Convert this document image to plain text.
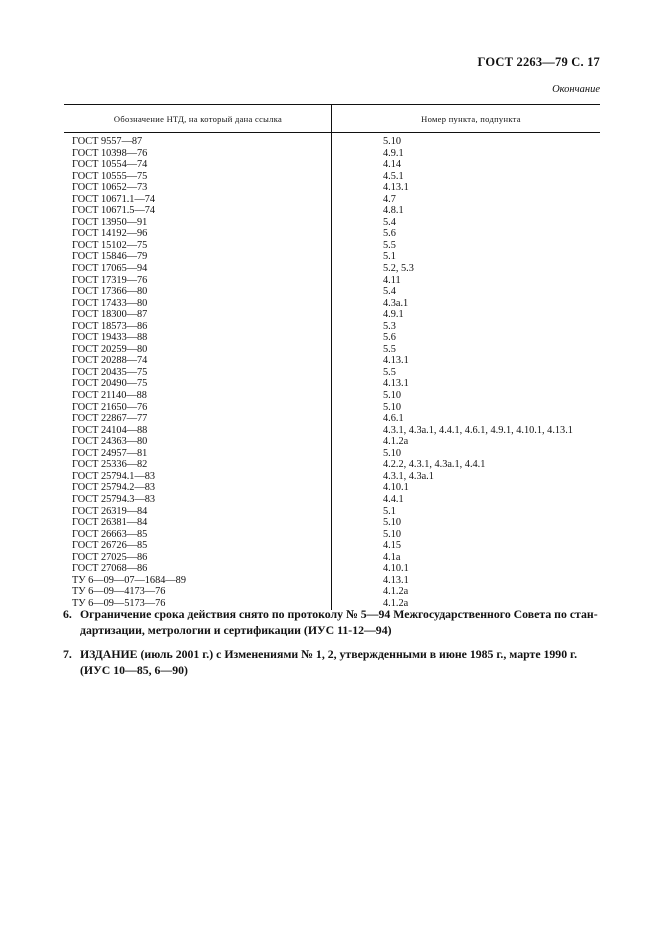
ГОСТ 2263—79 С. 17
Окончание
Обозначение НТД, на который дана ссылка	Номер пункта, подпункта
ГОСТ 9557—87	5.10
ГОСТ 10398—76	4.9.1
ГОСТ 10554—74	4.14
ГОСТ 10555—75	4.5.1
ГОСТ 10652—73	4.13.1
ГОСТ 10671.1—74	4.7
ГОСТ 10671.5—74	4.8.1
ГОСТ 13950—91	5.4
ГОСТ 14192—96	5.6
ГОСТ 15102—75	5.5
ГОСТ 15846—79	5.1
ГОСТ 17065—94	5.2, 5.3
ГОСТ 17319—76	4.11
ГОСТ 17366—80	5.4
ГОСТ 17433—80	4.3а.1
ГОСТ 18300—87	4.9.1
ГОСТ 18573—86	5.3
ГОСТ 19433—88	5.6
ГОСТ 20259—80	5.5
ГОСТ 20288—74	4.13.1
ГОСТ 20435—75	5.5
ГОСТ 20490—75	4.13.1
ГОСТ 21140—88	5.10
ГОСТ 21650—76	5.10
ГОСТ 22867—77	4.6.1
ГОСТ 24104—88	4.3.1, 4.3а.1, 4.4.1, 4.6.1, 4.9.1, 4.10.1, 4.13.1
ГОСТ 24363—80	4.1.2а
ГОСТ 24957—81	5.10
ГОСТ 25336—82	4.2.2, 4.3.1, 4.3а.1, 4.4.1
ГОСТ 25794.1—83	4.3.1, 4.3а.1
ГОСТ 25794.2—83	4.10.1
ГОСТ 25794.3—83	4.4.1
ГОСТ 26319—84	5.1
ГОСТ 26381—84	5.10
ГОСТ 26663—85	5.10
ГОСТ 26726—85	4.15
ГОСТ 27025—86	4.1а
ГОСТ 27068—86	4.10.1
ТУ 6—09—07—1684—89	4.13.1
ТУ 6—09—4173—76	4.1.2а
ТУ 6—09—5173—76	4.1.2а
6. Ограничение срока действия снято по протоколу № 5—94 Межгосударственного Совета по стан-
дартизации, метрологии и сертификации (ИУС 11-12—94)
7. ИЗДАНИЕ (июль 2001 г.) с Изменениями № 1, 2, утвержденными в июне 1985 г., марте 1990 г.
(ИУС 10—85, 6—90)
